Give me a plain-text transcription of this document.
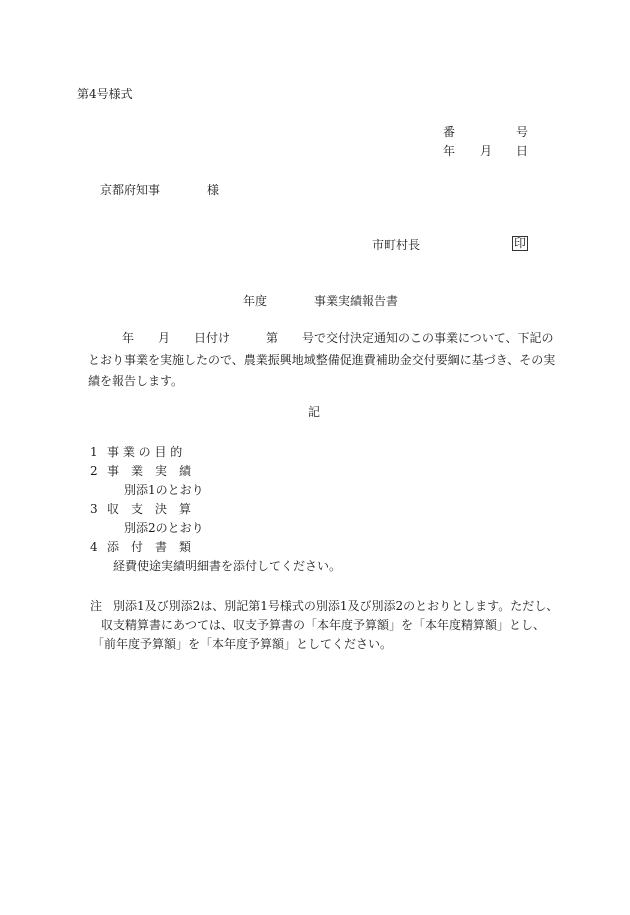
第4号様式
番	号
年 月 日
京都府知事	様
市町村長	印
年度	事業実績報告書
年　　月　　日付け　　　第　　号で交付決定通知のこの事業について、下記の
とおり事業を実施したので、農業振興地域整備促進費補助金交付要綱に基づき、その実
績を報告します。
記
1 事 業 の 目 的
2 事　業　実　績
別添1のとおり
3 収　支　決　算
別添2のとおり
4 添　付　書　類
経費使途実績明細書を添付してください。
注 別添1及び別添2は、別記第1号様式の別添1及び別添2のとおりとします。ただし、
収支精算書にあつては、収支予算書の「本年度予算額」を「本年度精算額」とし、
「前年度予算額」を「本年度予算額」としてください。
